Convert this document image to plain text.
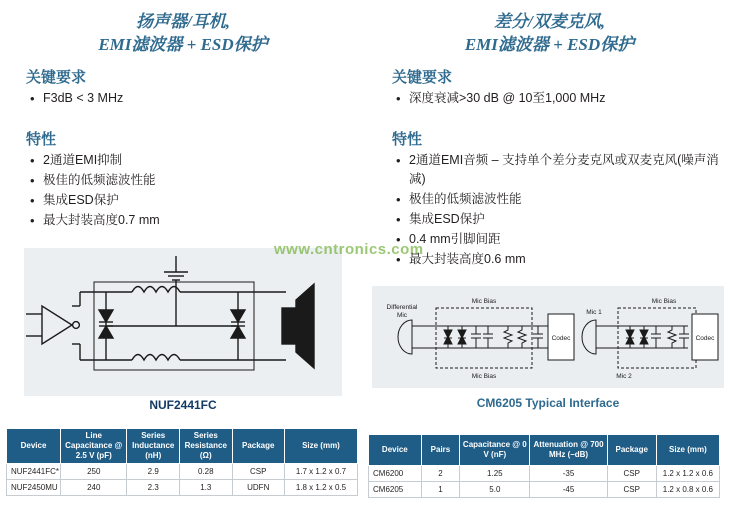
扬声器/耳机,
EMI滤波器 + ESD保护
关键要求
• F3dB < 3 MHz
特性
• 2通道EMI抑制
• 极佳的低频滤波性能
• 集成ESD保护
• 最大封装高度0.7 mm
NUF2441FC
www.cntronics.com
Device	Line Capacitance @ 2.5 V (pF)	Series Inductance (nH)	Series Resistance (Ω)	Package	Size (mm)
NUF2441FC*	250	2.9	0.28	CSP	1.7 x 1.2 x 0.7
NUF2450MU	240	2.3	1.3	UDFN	1.8 x 1.2 x 0.5
差分/双麦克风,
EMI滤波器 + ESD保护
关键要求
• 深度衰减>30 dB @ 10至1,000 MHz
特性
• 2通道EMI音频 – 支持单个差分麦克风或双麦克风(噪声消减)
• 极佳的低频滤波性能
• 集成ESD保护
• 0.4 mm引脚间距
• 最大封装高度0.6 mm
Differential
Mic
Mic Bias
Mic Bias
Codec
Mic 1
Mic 2
Mic Bias
Codec
CM6205 Typical Interface
Device	Pairs	Capacitance @ 0 V (nF)	Attenuation @ 700 MHz (–dB)	Package	Size (mm)
CM6200	2	1.25	-35	CSP	1.2 x 1.2 x 0.6
CM6205	1	5.0	-45	CSP	1.2 x 0.8 x 0.6
